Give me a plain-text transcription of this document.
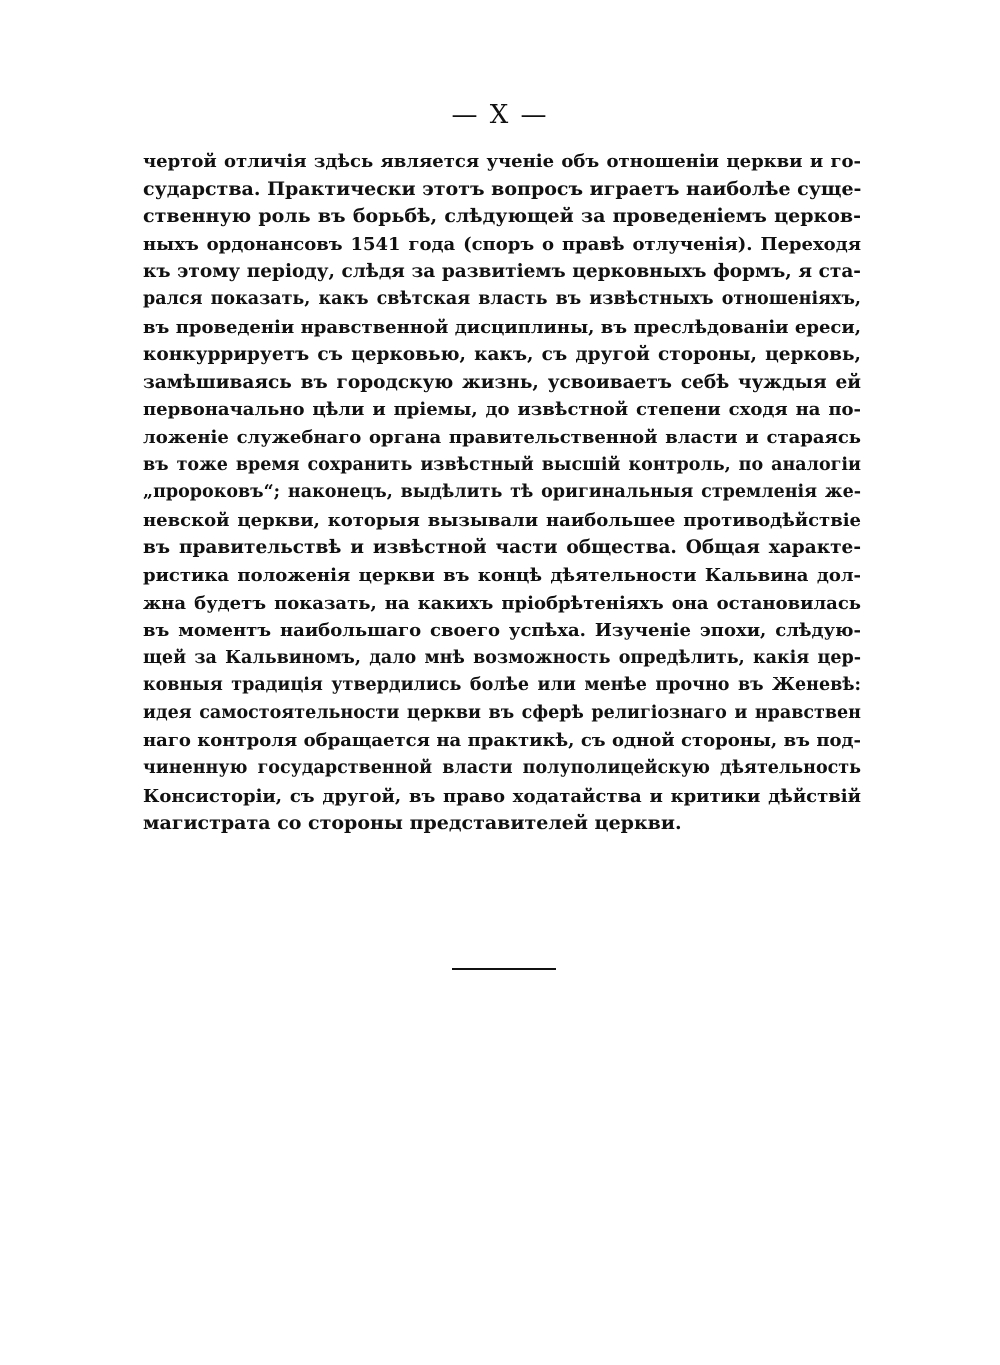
— X —
чертой отличія здѣсь является ученіе объ отношеніи церкви и го-
сударства. Практически этотъ вопросъ играетъ наиболѣе суще-
ственную роль въ борьбѣ, слѣдующей за проведеніемъ церков-
ныхъ ордонансовъ 1541 года (споръ о правѣ отлученія). Переходя
къ этому періоду, слѣдя за развитіемъ церковныхъ формъ, я ста-
рался показать, какъ свѣтская власть въ извѣстныхъ отношеніяхъ,
въ проведеніи нравственной дисциплины, въ преслѣдованіи ереси,
конкуррируетъ съ церковью, какъ, съ другой стороны, церковь,
замѣшиваясь въ городскую жизнь, усвоиваетъ себѣ чуждыя ей
первоначально цѣли и пріемы, до извѣстной степени сходя на по-
ложеніе служебнаго органа правительственной власти и стараясь
въ тоже время сохранить извѣстный высшій контроль, по аналогіи
„пророковъ“; наконецъ, выдѣлить тѣ оригинальныя стремленія же-
невской церкви, которыя вызывали наибольшее противодѣйствіе
въ правительствѣ и извѣстной части общества. Общая характе-
ристика положенія церкви въ концѣ дѣятельности Кальвина дол-
жна будетъ показать, на какихъ пріобрѣтеніяхъ она остановилась
въ моментъ наибольшаго своего успѣха. Изученіе эпохи, слѣдую-
щей за Кальвиномъ, дало мнѣ возможность опредѣлить, какія цер-
ковныя традиція утвердились болѣе или менѣе прочно въ Женевѣ:
идея самостоятельности церкви въ сферѣ религіознаго и нравствен
наго контроля обращается на практикѣ, съ одной стороны, въ под-
чиненную государственной власти полуполицейскую дѣятельность
Консисторіи, съ другой, въ право ходатайства и критики дѣйствій
магистрата со стороны представителей церкви.
